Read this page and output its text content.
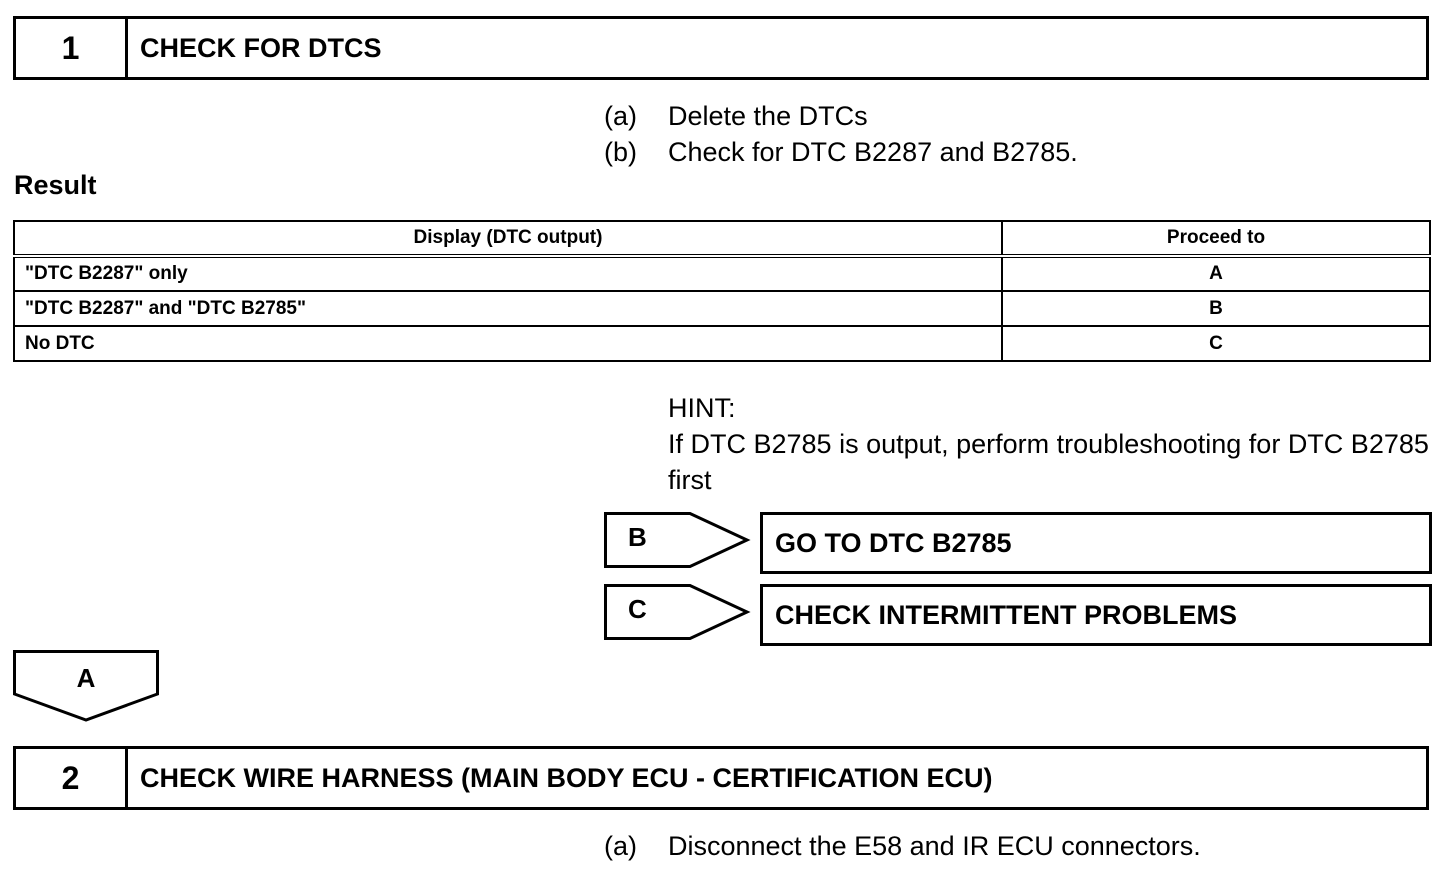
1	CHECK FOR DTCS
(a)	Delete the DTCs
(b)	Check for DTC B2287 and B2785.
Result
Display (DTC output)	Proceed to
"DTC B2287" only	A
"DTC B2287" and "DTC B2785"	B
No DTC	C
HINT:
If DTC B2785 is output, perform troubleshooting for DTC B2785 first
B	GO TO DTC B2785
C	CHECK INTERMITTENT PROBLEMS
A
2	CHECK WIRE HARNESS (MAIN BODY ECU - CERTIFICATION ECU)
(a)	Disconnect the E58 and IR ECU connectors.
